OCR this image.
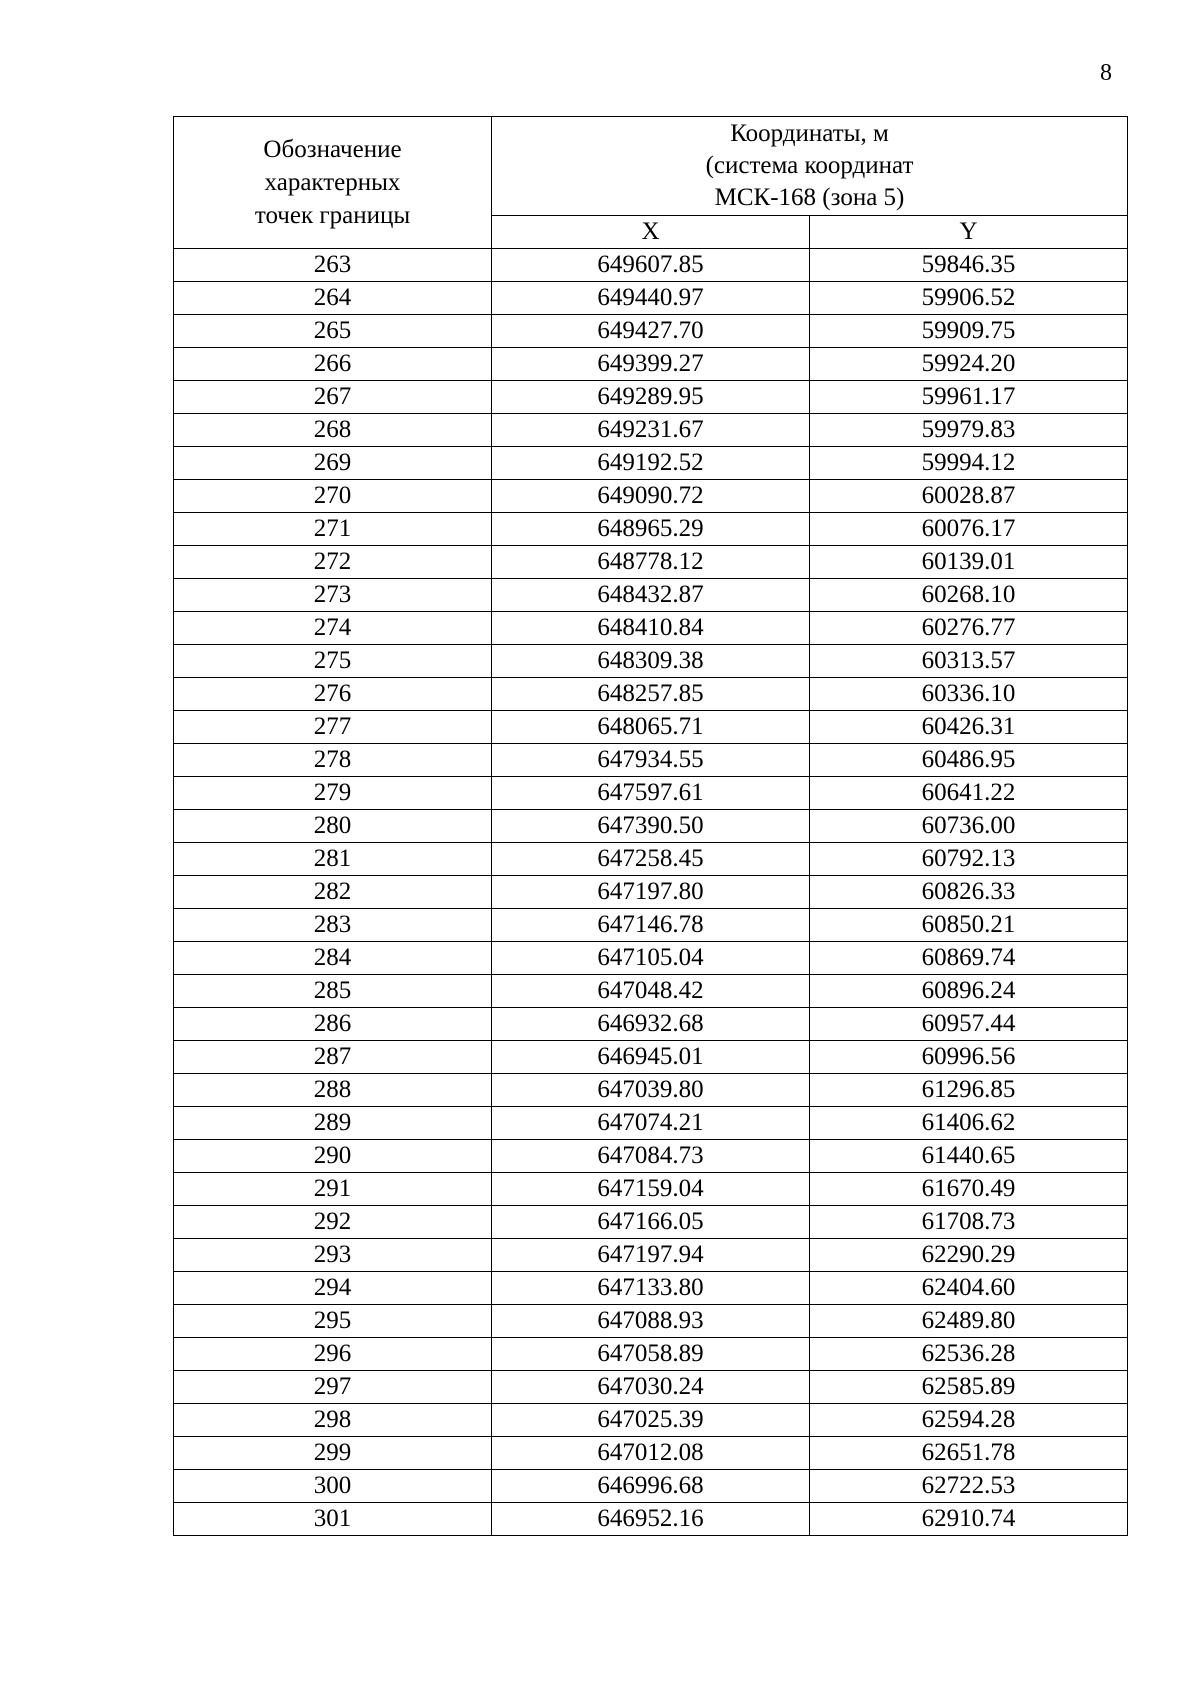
8
Обозначение
характерных
точек границы	Координаты, м
(система координат
МСК-168 (зона 5)	

	X	Y
263	649607.85	59846.35
264	649440.97	59906.52
265	649427.70	59909.75
266	649399.27	59924.20
267	649289.95	59961.17
268	649231.67	59979.83
269	649192.52	59994.12
270	649090.72	60028.87
271	648965.29	60076.17
272	648778.12	60139.01
273	648432.87	60268.10
274	648410.84	60276.77
275	648309.38	60313.57
276	648257.85	60336.10
277	648065.71	60426.31
278	647934.55	60486.95
279	647597.61	60641.22
280	647390.50	60736.00
281	647258.45	60792.13
282	647197.80	60826.33
283	647146.78	60850.21
284	647105.04	60869.74
285	647048.42	60896.24
286	646932.68	60957.44
287	646945.01	60996.56
288	647039.80	61296.85
289	647074.21	61406.62
290	647084.73	61440.65
291	647159.04	61670.49
292	647166.05	61708.73
293	647197.94	62290.29
294	647133.80	62404.60
295	647088.93	62489.80
296	647058.89	62536.28
297	647030.24	62585.89
298	647025.39	62594.28
299	647012.08	62651.78
300	646996.68	62722.53
301	646952.16	62910.74
